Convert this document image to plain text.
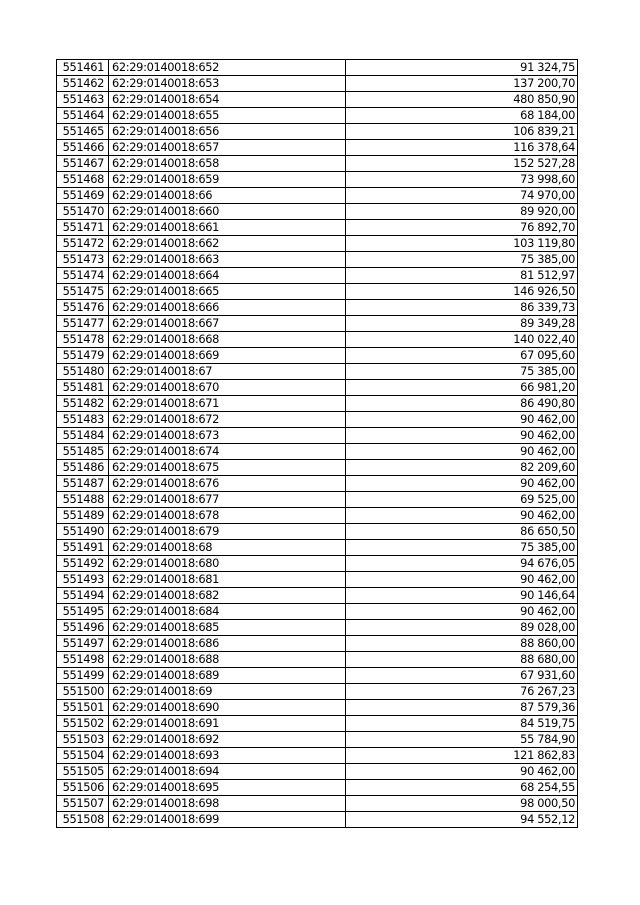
551461	62:29:0140018:652	91 324,75
551462	62:29:0140018:653	137 200,70
551463	62:29:0140018:654	480 850,90
551464	62:29:0140018:655	68 184,00
551465	62:29:0140018:656	106 839,21
551466	62:29:0140018:657	116 378,64
551467	62:29:0140018:658	152 527,28
551468	62:29:0140018:659	73 998,60
551469	62:29:0140018:66	74 970,00
551470	62:29:0140018:660	89 920,00
551471	62:29:0140018:661	76 892,70
551472	62:29:0140018:662	103 119,80
551473	62:29:0140018:663	75 385,00
551474	62:29:0140018:664	81 512,97
551475	62:29:0140018:665	146 926,50
551476	62:29:0140018:666	86 339,73
551477	62:29:0140018:667	89 349,28
551478	62:29:0140018:668	140 022,40
551479	62:29:0140018:669	67 095,60
551480	62:29:0140018:67	75 385,00
551481	62:29:0140018:670	66 981,20
551482	62:29:0140018:671	86 490,80
551483	62:29:0140018:672	90 462,00
551484	62:29:0140018:673	90 462,00
551485	62:29:0140018:674	90 462,00
551486	62:29:0140018:675	82 209,60
551487	62:29:0140018:676	90 462,00
551488	62:29:0140018:677	69 525,00
551489	62:29:0140018:678	90 462,00
551490	62:29:0140018:679	86 650,50
551491	62:29:0140018:68	75 385,00
551492	62:29:0140018:680	94 676,05
551493	62:29:0140018:681	90 462,00
551494	62:29:0140018:682	90 146,64
551495	62:29:0140018:684	90 462,00
551496	62:29:0140018:685	89 028,00
551497	62:29:0140018:686	88 860,00
551498	62:29:0140018:688	88 680,00
551499	62:29:0140018:689	67 931,60
551500	62:29:0140018:69	76 267,23
551501	62:29:0140018:690	87 579,36
551502	62:29:0140018:691	84 519,75
551503	62:29:0140018:692	55 784,90
551504	62:29:0140018:693	121 862,83
551505	62:29:0140018:694	90 462,00
551506	62:29:0140018:695	68 254,55
551507	62:29:0140018:698	98 000,50
551508	62:29:0140018:699	94 552,12
